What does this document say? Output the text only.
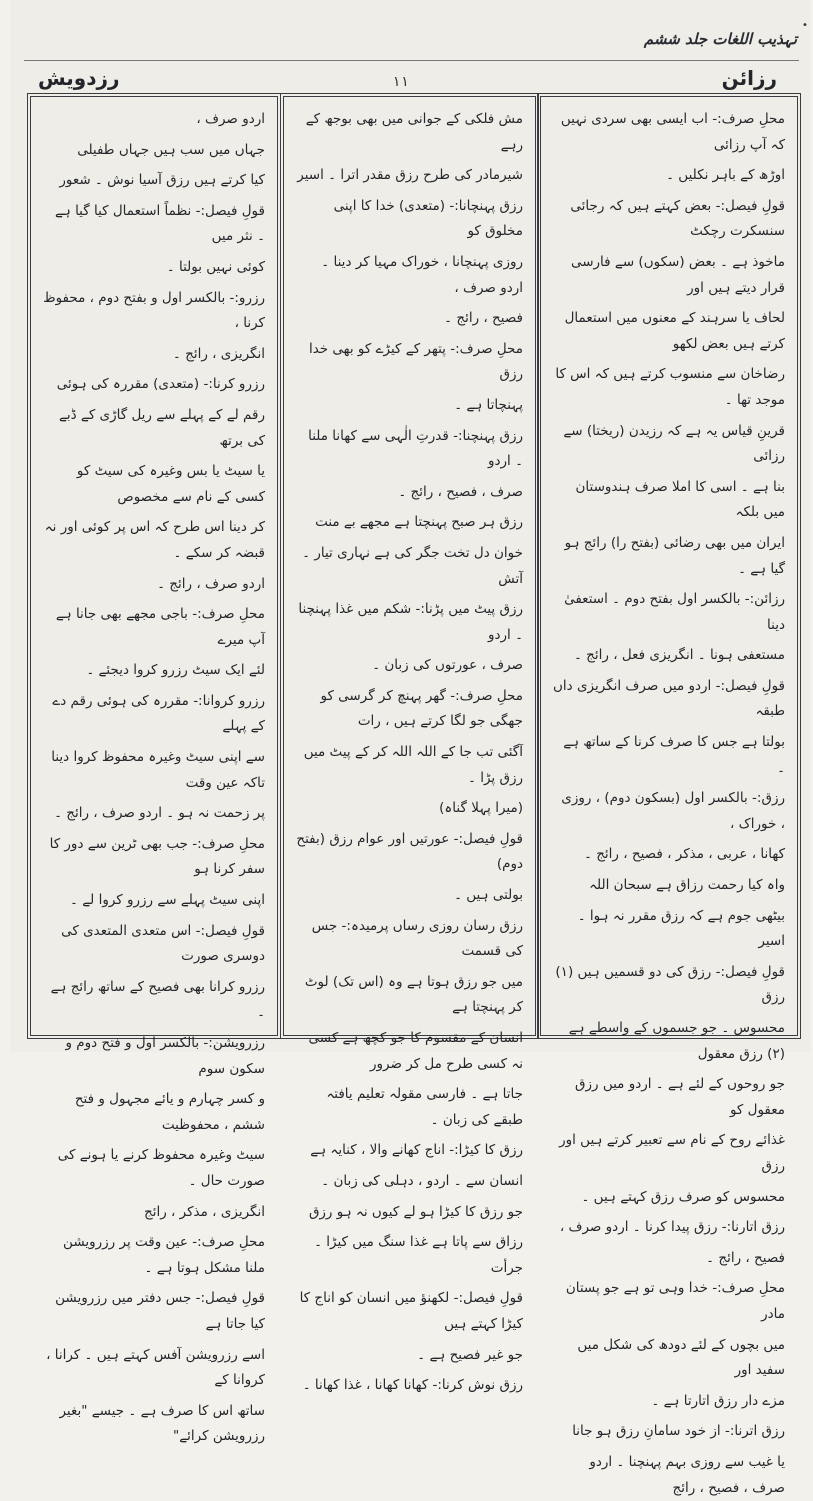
•
تہذیب اللغات جلد ششم
رزائن
١١
رزدویش

محلِ صرف:- اب ایسی بھی سردی نہیں کہ آپ رزائی

اوڑھ کے باہر نکلیں ۔

قولِ فیصل:- بعض کہتے ہیں کہ رجائی سنسکرت رچکٹ

ماخوذ ہے ۔ بعض (سکوں) سے فارسی قرار دیتے ہیں اور

لحاف یا سرہند کے معنوں میں استعمال کرتے ہیں بعض لکھو

رضاخان سے منسوب کرتے ہیں کہ اس کا موجد تھا ۔

قرینِ قیاس یہ ہے کہ رزیدن (ریختا) سے رزائی

بنا ہے ۔ اسی کا املا صرف ہندوستان میں بلکہ

ایران میں بھی رضائی (بفتح را) رائج ہو گیا ہے ۔

رزائن:- بالکسر اول بفتح دوم ۔ استعفیٰ دینا

مستعفی ہونا ۔ انگریزی فعل ، رائج ۔

قولِ فیصل:- اردو میں صرف انگریزی داں طبقہ

بولتا ہے جس کا صرف کرنا کے ساتھ ہے ۔

رزق:- بالکسر اول (بسکون دوم) ، روزی ، خوراک ،

کھانا ، عربی ، مذکر ، فصیح ، رائج ۔

واہ کیا رحمت رزاق ہے سبحان اللہ

بیٹھی جوم ہے کہ رزق مقرر نہ ہوا ۔ اسیر

قولِ فیصل:- رزق کی دو قسمیں ہیں (١) رزق

محسوس ۔ جو جسموں کے واسطے ہے (٢) رزق معقول

جو روحوں کے لئے ہے ۔ اردو میں رزق معقول کو

غذائے روح کے نام سے تعبیر کرتے ہیں اور رزق

محسوس کو صرف رزق کہتے ہیں ۔

رزق اتارنا:- رزق پیدا کرنا ۔ اردو صرف ،

فصیح ، رائج ۔

محلِ صرف:- خدا وہی تو ہے جو پستان مادر

میں بچوں کے لئے دودھ کی شکل میں سفید اور

مزے دار رزق اتارتا ہے ۔

رزق اترنا:- از خود سامانِ رزق ہو جانا

یا غیب سے روزی بہم پہنچنا ۔ اردو صرف ، فصیح ، رائج

مش فلکی کے جوانی میں بھی بوجھ کے رہے

شیرمادر کی طرح رزق مقدر اترا ۔ اسیر

رزق پہنچانا:- (متعدی) خدا کا اپنی مخلوق کو

روزی پہنچانا ، خوراک مہیا کر دینا ۔ اردو صرف ،

فصیح ، رائج ۔

محلِ صرف:- پتھر کے کیڑے کو بھی خدا رزق

پہنچاتا ہے ۔

رزق پہنچنا:- قدرتِ الٰہی سے کھانا ملنا ۔ اردو

صرف ، فصیح ، رائج ۔

رزق ہر صبح پہنچتا ہے مجھے بے منت

خوان دل تخت جگر کی ہے نہاری تیار ۔ آتش

رزق پیٹ میں پڑنا:- شکم میں غذا پہنچنا ۔ اردو

صرف ، عورتوں کی زبان ۔

محلِ صرف:- گھر پہنچ کر گرسی کو جھگی جو لگا کرتے ہیں ، رات

آگئی تب جا کے اللہ اللہ کر کے پیٹ میں رزق پڑا ۔

(میرا پہلا گناہ)

قولِ فیصل:- عورتیں اور عوام رزق (بفتح دوم)

بولتی ہیں ۔

رزق رسان روزی رساں پرمیدہ:- جس کی قسمت

میں جو رزق ہوتا ہے وہ (اس تک) لوٹ کر پہنچتا ہے

انسان کے مقسوم کا جو کچھ ہے کسی نہ کسی طرح مل کر ضرور

جاتا ہے ۔ فارسی مقولہ تعلیم یافتہ طبقے کی زبان ۔

رزق کا کیڑا:- اناج کھانے والا ، کنایہ ہے

انسان سے ۔ اردو ، دہلی کی زبان ۔

جو رزق کا کیڑا ہو لے کیوں نہ ہو رزق

رزاق سے پاتا ہے غذا سنگ میں کیڑا ۔ جرأت

قولِ فیصل:- لکھنؤ میں انسان کو اناج کا کیڑا کہتے ہیں

جو غیر فصیح ہے ۔

رزق نوش کرنا:- کھانا کھانا ، غذا کھانا ۔

اردو صرف ،

جہاں میں سب ہیں جہاں طفیلی

کیا کرتے ہیں رزق آسیا نوش ۔ شعور

قولِ فیصل:- نظماً استعمال کیا گیا ہے ۔ نثر میں

کوئی نہیں بولتا ۔

رزرو:- بالکسر اول و بفتح دوم ، محفوظ کرنا ،

انگریزی ، رائج ۔

رزرو کرنا:- (متعدی) مقررہ کی ہوئی

رقم لے کے پہلے سے ریل گاڑی کے ڈبے کی برتھ

یا سیٹ یا بس وغیرہ کی سیٹ کو کسی کے نام سے مخصوص

کر دینا اس طرح کہ اس پر کوئی اور نہ قبضہ کر سکے ۔

اردو صرف ، رائج ۔

محلِ صرف:- باجی مجھے بھی جانا ہے آپ میرے

لئے ایک سیٹ رزرو کروا دیجئے ۔

رزرو کروانا:- مقررہ کی ہوئی رقم دے کے پہلے

سے اپنی سیٹ وغیرہ محفوظ کروا دینا تاکہ عین وقت

پر زحمت نہ ہو ۔ اردو صرف ، رائج ۔

محلِ صرف:- جب بھی ٹرین سے دور کا سفر کرنا ہو

اپنی سیٹ پہلے سے رزرو کروا لے ۔

قولِ فیصل:- اس متعدی المتعدی کی دوسری صورت

رزرو کرانا بھی فصیح کے ساتھ رائج ہے ۔

رزرویشن:- بالکسر اول و فتح دوم و سکون سوم

و کسر چہارم و یائے مجہول و فتح ششم ، محفوظیت

سیٹ وغیرہ محفوظ کرنے یا ہونے کی صورت حال ۔

انگریزی ، مذکر ، رائج

محلِ صرف:- عین وقت پر رزرویشن ملنا مشکل ہوتا ہے ۔

قولِ فیصل:- جس دفتر میں رزرویشن کیا جاتا ہے

اسے رزرویشن آفس کہتے ہیں ۔ کرانا ، کروانا کے

ساتھ اس کا صرف ہے ۔ جیسے "بغیر رزرویشن کرائے"
